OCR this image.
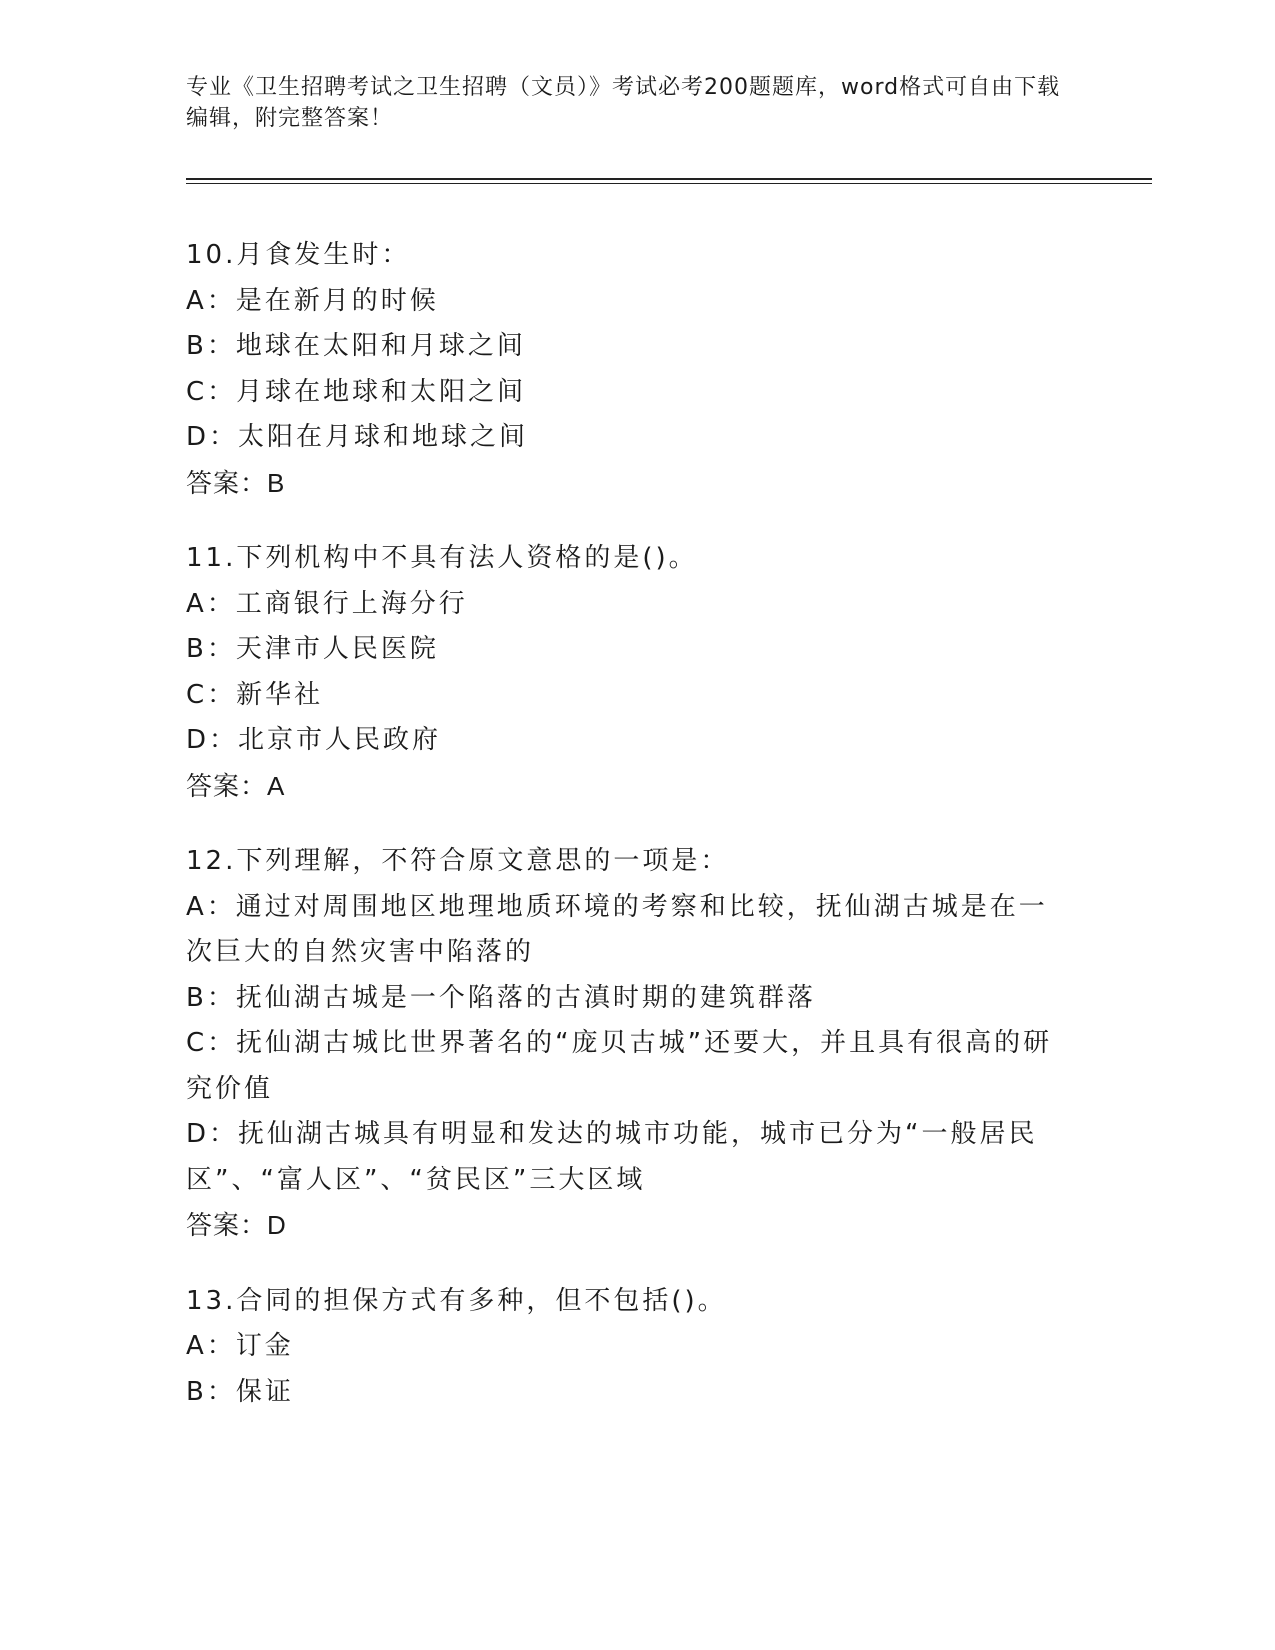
专业《卫生招聘考试之卫生招聘（文员）》考试必考200题题库，word格式可自由下载编辑，附完整答案！
10.月食发生时：
A：是在新月的时候
B：地球在太阳和月球之间
C：月球在地球和太阳之间
D：太阳在月球和地球之间
答案：B
11.下列机构中不具有法人资格的是()。
A：工商银行上海分行
B：天津市人民医院
C：新华社
D：北京市人民政府
答案：A
12.下列理解，不符合原文意思的一项是：
A：通过对周围地区地理地质环境的考察和比较，抚仙湖古城是在一次巨大的自然灾害中陷落的
B：抚仙湖古城是一个陷落的古滇时期的建筑群落
C：抚仙湖古城比世界著名的“庞贝古城”还要大，并且具有很高的研究价值
D：抚仙湖古城具有明显和发达的城市功能，城市已分为“一般居民区”、“富人区”、“贫民区”三大区域
答案：D
13.合同的担保方式有多种，但不包括()。
A：订金
B：保证
